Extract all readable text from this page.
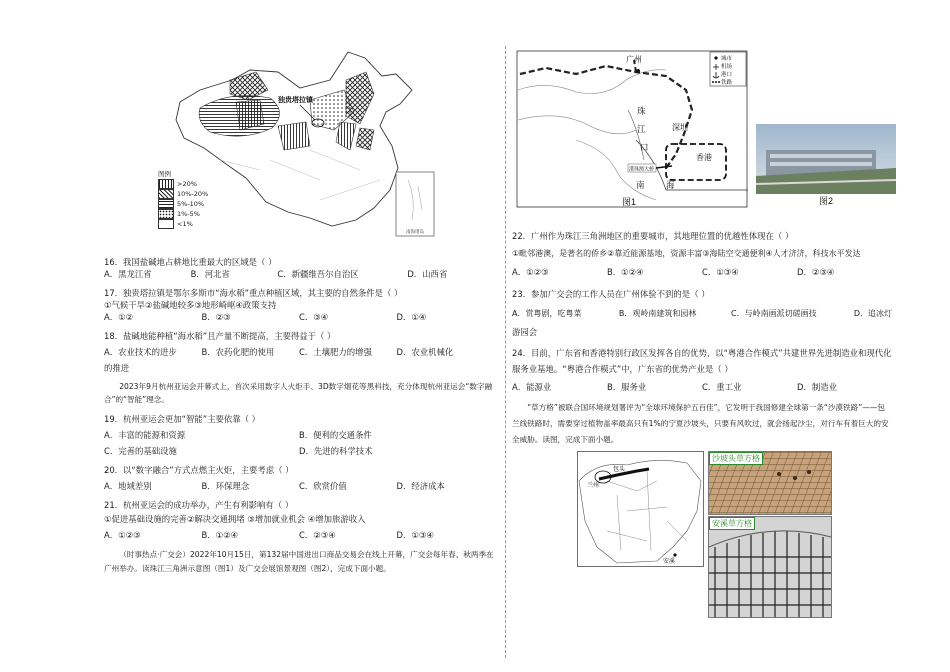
独贵塔拉镇
南海诸岛
图例
>20%
10%-20%
5%-10%
1%-5%
<1%

16．我国盐碱地占耕地比重最大的区域是（ ）

A．黑龙江省	B．河北省	C．新疆维吾尔自治区	D．山西省

17．独贵塔拉镇是鄂尔多斯市“海水稻”重点种植区域，其主要的自然条件是（ ）

①气候干旱②盐碱地较多③地形崎岖④政策支持

A．①②	B．②③	C．③④	D．①④

18．盐碱地能种植“海水稻”且产量不断提高，主要得益于（ ）

A．农业技术的进步	B．农药化肥的使用	C．土壤肥力的增强	D．农业机械化

的推进

2023年9月杭州亚运会开幕式上，首次采用数字人火炬手、3D数字烟花等黑科技，充分体现杭州亚运会“数字融合”的“智能”理念。

19．杭州亚运会更加“智能”主要依靠（ ）

A．丰富的能源和资源	B．便利的交通条件
C．完善的基础设施	D．先进的科学技术

20．以“数字融合”方式点燃主火炬，主要考虑（ ）

A．地域差别	B．环保理念	C．欣赏价值	D．经济成本

21．杭州亚运会的成功举办，产生有利影响有（ ）

①促进基础设施的完善②解决交通拥堵 ③增加就业机会 ④增加旅游收入

A．①②③	B．①②④	C．②③④	D．①③④

（时事热点·广交会）2022年10月15日，第132届中国进出口商品交易会在线上开幕，广交会每年春、秋两季在广州举办。读珠江三角洲示意图（图1）及广交会展馆景观图（图2），完成下面小题。

港珠澳大桥
广州
珠
江
口
深圳
香港
南	海
图1
城市
机场
港口
铁路
图2

22．广州作为珠江三角洲地区的重要城市，其地理位置的优越性体现在（ ）

①毗邻港澳，是著名的侨乡②靠近能源基地，资源丰富③海陆空交通便利④人才济济，科技水平发达

A．①②③	B．①②④	C．①③④	D．②③④

23．参加广交会的工作人员在广州体验不到的是（ ）

A．赏粤剧，吃粤菜	B．观岭南建筑和园林	C．与岭南画派切磋画技	D．追冰灯

游园会

24．目前，广东省和香港特别行政区发挥各自的优势，以“粤港合作模式”共建世界先进制造业和现代化服务业基地。“粤港合作模式”中，广东省的优势产业是（ ）

A．能源业	B．服务业	C．重工业	D．制造业

“草方格”被联合国环境规划署评为“全球环境保护五百佳”，它发明于我国修建全球第一条“沙漠铁路”——包兰线铁路时，需要穿过植物盖率最高只有1%的宁夏沙坡头，只要有风吹过，就会扬起沙尘，对行车有着巨大的安全威胁。读图，完成下面小题。

包头
兰州
安溪
沙坡头草方格
安溪草方格
